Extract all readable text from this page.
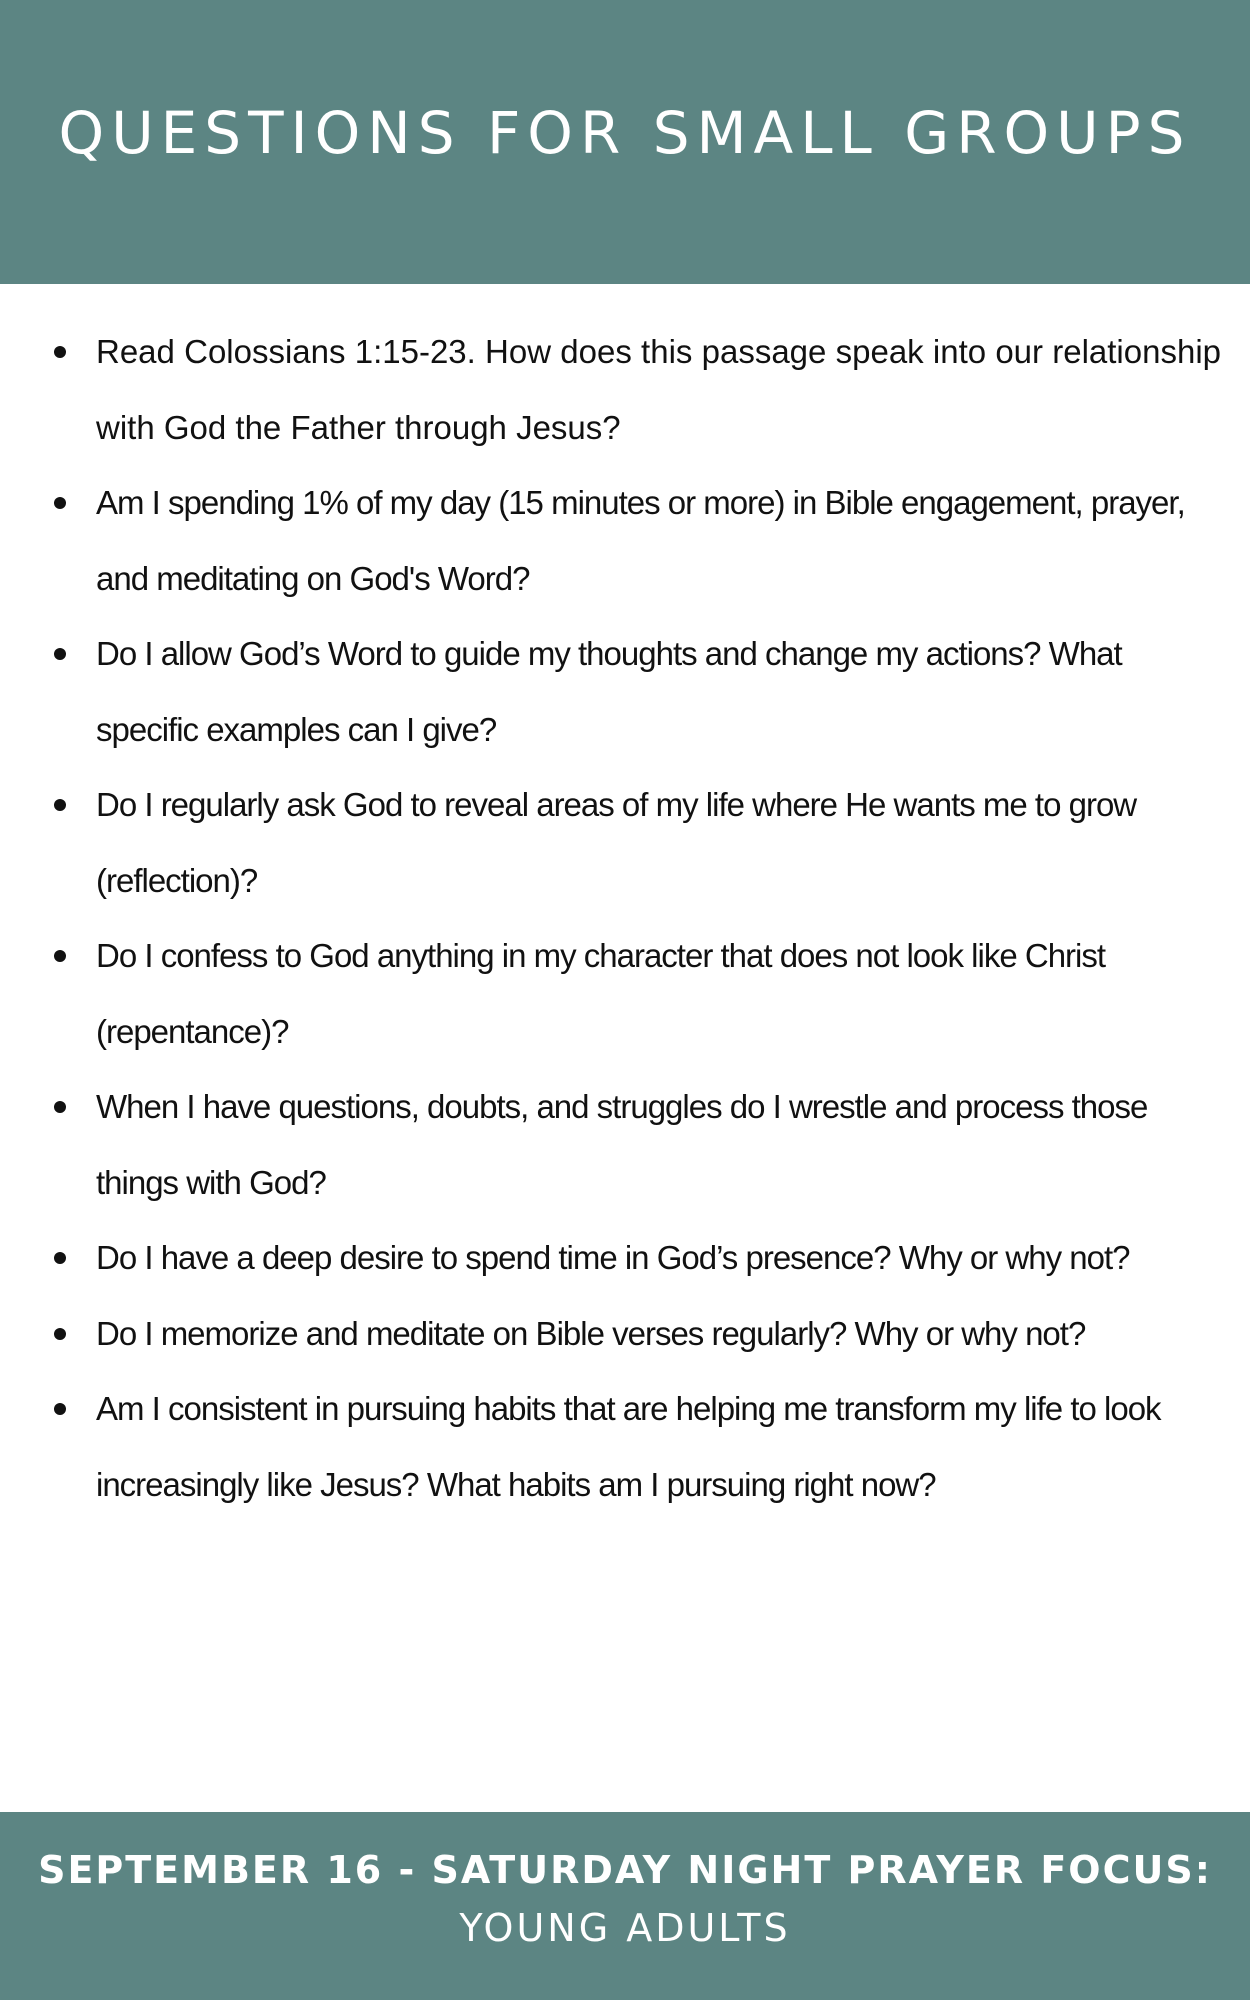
QUESTIONS FOR SMALL GROUPS
Read Colossians 1:15-23. How does this passage speak into our relationship with God the Father through Jesus?
Am I spending 1% of my day (15 minutes or more) in Bible engagement, prayer, and meditating on God's Word?
Do I allow God’s Word to guide my thoughts and change my actions? What specific examples can I give?
Do I regularly ask God to reveal areas of my life where He wants me to grow (reflection)?
Do I confess to God anything in my character that does not look like Christ (repentance)?
When I have questions, doubts, and struggles do I wrestle and process those things with God?
Do I have a deep desire to spend time in God’s presence? Why or why not?
Do I memorize and meditate on Bible verses regularly? Why or why not?
Am I consistent in pursuing habits that are helping me transform my life to look increasingly like Jesus? What habits am I pursuing right now?
SEPTEMBER 16 - SATURDAY NIGHT PRAYER FOCUS:
YOUNG ADULTS
